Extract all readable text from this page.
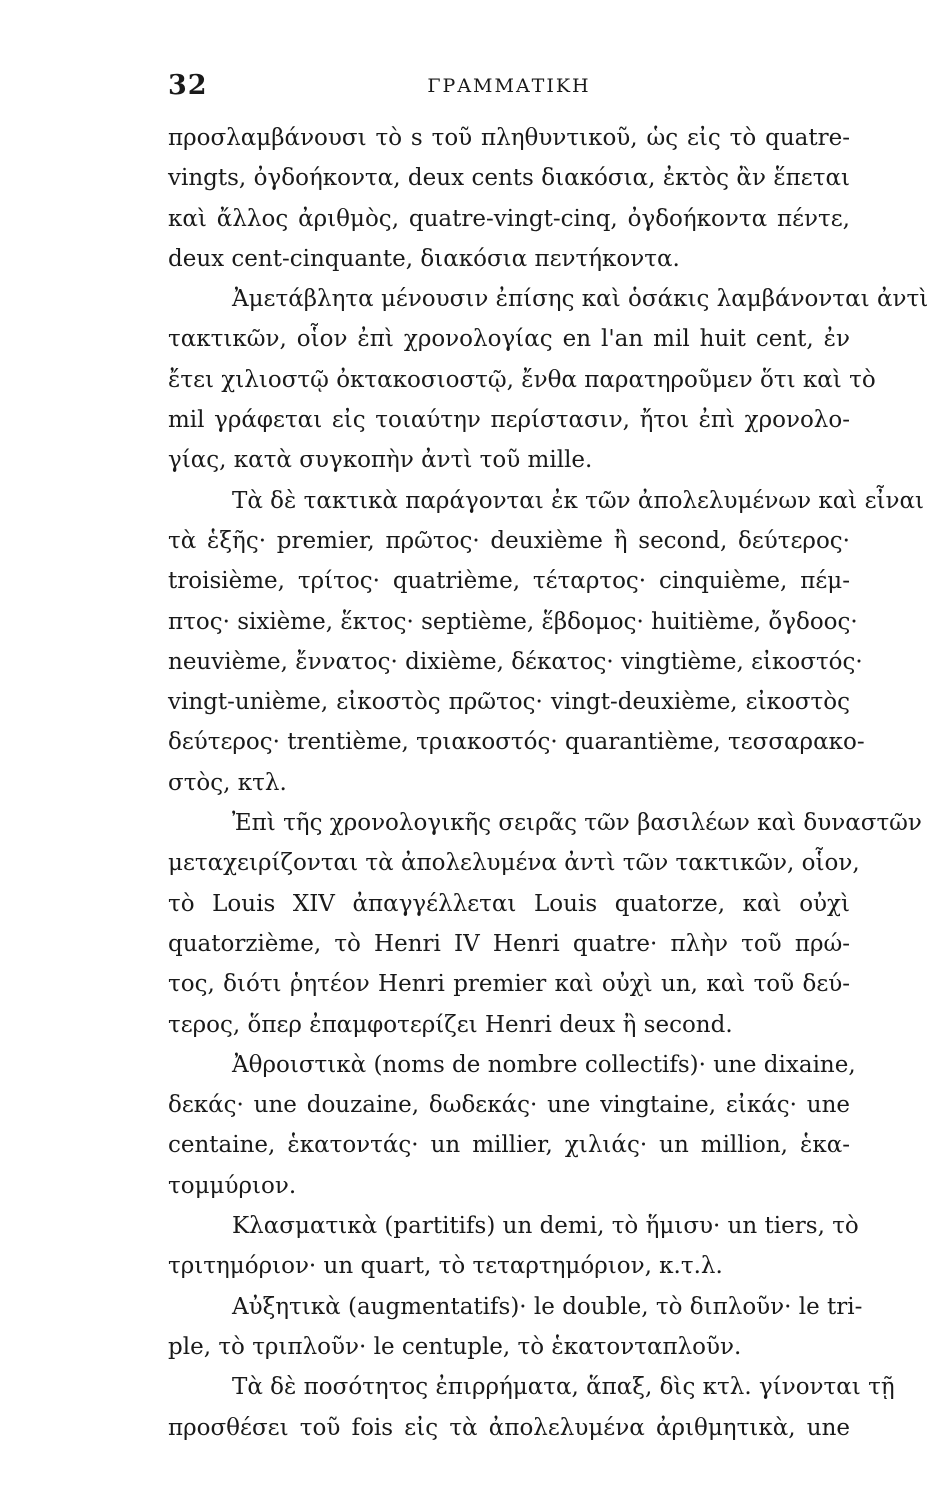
32	ΓΡΑΜΜΑΤΙΚΗ
προσλαμβάνουσι τὸ s τοῦ πληθυντικοῦ, ὡς εἰς τὸ quatre-
vingts, ὀγδοήκοντα, deux cents διακόσια, ἐκτὸς ἂν ἕπεται
καὶ ἄλλος ἀριθμὸς, quatre-vingt-cinq, ὀγδοήκοντα πέντε,
deux cent-cinquante, διακόσια πεντήκοντα.
Ἀμετάβλητα μένουσιν ἐπίσης καὶ ὁσάκις λαμβάνονται ἀντὶ
τακτικῶν, οἷον ἐπὶ χρονολογίας en l'an mil huit cent, ἐν
ἔτει χιλιοστῷ ὀκτακοσιοστῷ, ἔνθα παρατηροῦμεν ὅτι καὶ τὸ
mil γράφεται εἰς τοιαύτην περίστασιν, ἤτοι ἐπὶ χρονολο-
γίας, κατὰ συγκοπὴν ἀντὶ τοῦ mille.
Τὰ δὲ τακτικὰ παράγονται ἐκ τῶν ἀπολελυμένων καὶ εἶναι
τὰ ἑξῆς· premier, πρῶτος· deuxième ἢ second, δεύτερος·
troisième, τρίτος· quatrième, τέταρτος· cinquième, πέμ-
πτος· sixième, ἕκτος· septième, ἕβδομος· huitième, ὄγδοος·
neuvième, ἔννατος· dixième, δέκατος· vingtième, εἰκοστός·
vingt-unième, εἰκοστὸς πρῶτος· vingt-deuxième, εἰκοστὸς
δεύτερος· trentième, τριακοστός· quarantième, τεσσαρακο-
στὸς, κτλ.
Ἐπὶ τῆς χρονολογικῆς σειρᾶς τῶν βασιλέων καὶ δυναστῶν
μεταχειρίζονται τὰ ἀπολελυμένα ἀντὶ τῶν τακτικῶν, οἷον,
τὸ Louis XIV ἀπαγγέλλεται Louis quatorze, καὶ οὐχὶ
quatorzième, τὸ Henri IV Henri quatre· πλὴν τοῦ πρώ-
τος, διότι ῥητέον Henri premier καὶ οὐχὶ un, καὶ τοῦ δεύ-
τερος, ὅπερ ἐπαμφοτερίζει Henri deux ἢ second.
Ἀθροιστικὰ (noms de nombre collectifs)· une dixaine,
δεκάς· une douzaine, δωδεκάς· une vingtaine, εἰκάς· une
centaine, ἑκατοντάς· un millier, χιλιάς· un million, ἑκα-
τομμύριον.
Κλασματικὰ (partitifs) un demi, τὸ ἥμισυ· un tiers, τὸ
τριτημόριον· un quart, τὸ τεταρτημόριον, κ.τ.λ.
Αὐξητικὰ (augmentatifs)· le double, τὸ διπλοῦν· le tri-
ple, τὸ τριπλοῦν· le centuple, τὸ ἑκατονταπλοῦν.
Τὰ δὲ ποσότητος ἐπιρρήματα, ἅπαξ, δὶς κτλ. γίνονται τῇ
προσθέσει τοῦ fois εἰς τὰ ἀπολελυμένα ἀριθμητικὰ, une
